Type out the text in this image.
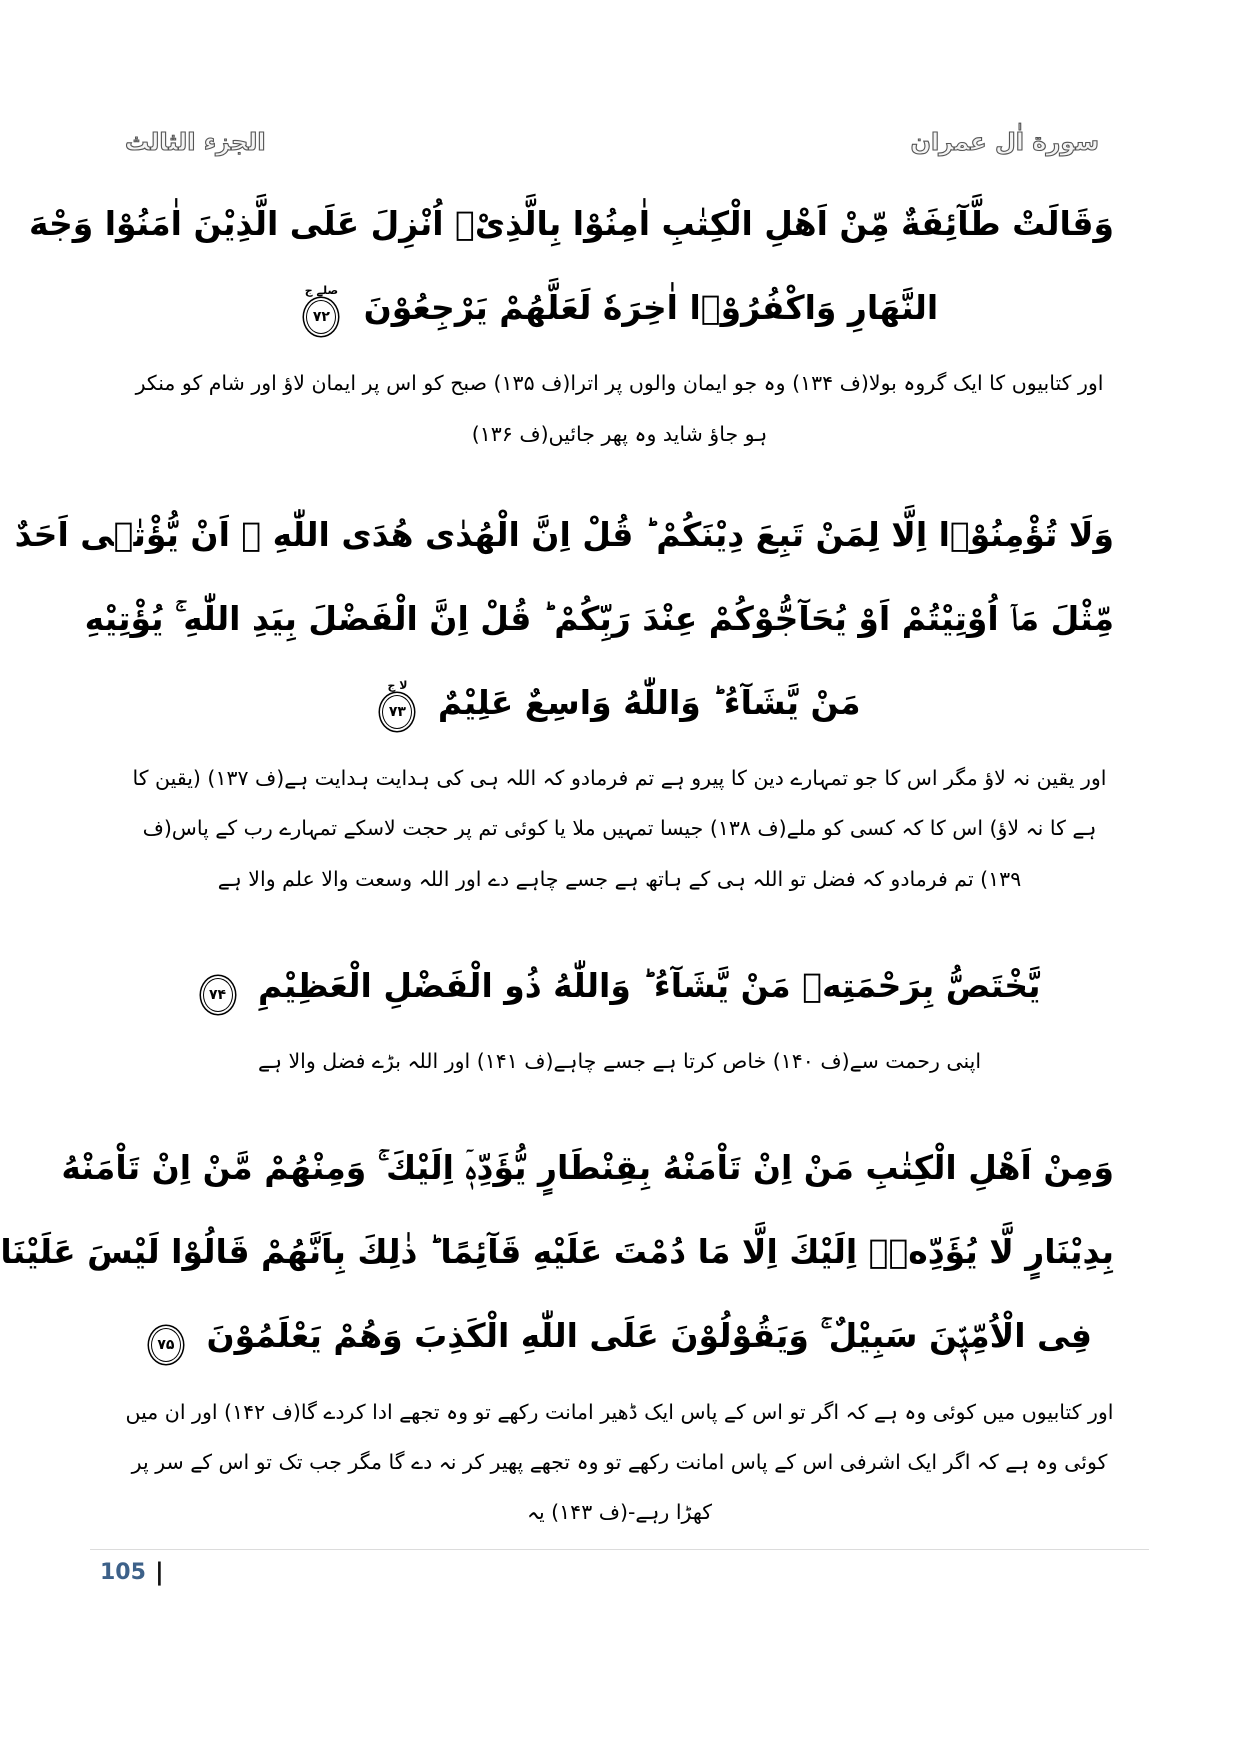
الجزء الثالث	سورة اٰل عمران
وَقَالَتْ طَّآئِفَةٌ مِّنْ اَهْلِ الْكِتٰبِ اٰمِنُوْا بِالَّذِیْۤ اُنْزِلَ عَلَی الَّذِیْنَ اٰمَنُوْا وَجْهَ
النَّهَارِ وَاكْفُرُوْۤا اٰخِرَهٗ لَعَلَّهُمْ یَرْجِعُوْنَ
صلے ج
۷۲
اور کتابیوں کا ایک گروہ بولا(ف ۱۳۴) وہ جو ایمان والوں پر اترا(ف ۱۳۵) صبح کو اس پر ایمان لاؤ اور شام کو منکر ہو جاؤ شاید وہ پھر جائیں(ف ۱۳۶)
وَلَا تُؤْمِنُوْۤا اِلَّا لِمَنْ تَبِعَ دِیْنَكُمْ ؕ قُلْ اِنَّ الْهُدٰی هُدَی اللّٰهِ ۙ اَنْ یُّؤْتٰۤی اَحَدٌ
مِّثْلَ مَاۤ اُوْتِیْتُمْ اَوْ یُحَآجُّوْكُمْ عِنْدَ رَبِّكُمْ ؕ قُلْ اِنَّ الْفَضْلَ بِیَدِ اللّٰهِ ۚ یُؤْتِیْهِ
مَنْ یَّشَآءُ ؕ وَاللّٰهُ وَاسِعٌ عَلِیْمٌ
لا ج
۷۳
اور یقین نہ لاؤ مگر اس کا جو تمہارے دین کا پیرو ہے تم فرمادو کہ اللہ ہی کی ہدایت ہدایت ہے(ف ۱۳۷) (یقین کا ہے کا نہ لاؤ) اس کا کہ کسی کو ملے(ف ۱۳۸) جیسا تمہیں ملا یا کوئی تم پر حجت لاسکے تمہارے رب کے پاس(ف ۱۳۹) تم فرمادو کہ فضل تو اللہ ہی کے ہاتھ ہے جسے چاہے دے اور اللہ وسعت والا علم والا ہے
یَّخْتَصُّ بِرَحْمَتِهٖ مَنْ یَّشَآءُ ؕ وَاللّٰهُ ذُو الْفَضْلِ الْعَظِیْمِ
۷۴
اپنی رحمت سے(ف ۱۴۰) خاص کرتا ہے جسے چاہے(ف ۱۴۱) اور اللہ بڑے فضل والا ہے
وَمِنْ اَهْلِ الْكِتٰبِ مَنْ اِنْ تَاْمَنْهُ بِقِنْطَارٍ یُّؤَدِّهٖۤ اِلَیْكَ ۚ وَمِنْهُمْ مَّنْ اِنْ تَاْمَنْهُ
بِدِیْنَارٍ لَّا یُؤَدِّهٖۤ اِلَیْكَ اِلَّا مَا دُمْتَ عَلَیْهِ قَآئِمًا ؕ ذٰلِكَ بِاَنَّهُمْ قَالُوْا لَیْسَ عَلَیْنَا
فِی الْاُمِّیّٖنَ سَبِیْلٌ ۚ وَیَقُوْلُوْنَ عَلَی اللّٰهِ الْكَذِبَ وَهُمْ یَعْلَمُوْنَ
۷۵
اور کتابیوں میں کوئی وہ ہے کہ اگر تو اس کے پاس ایک ڈھیر امانت رکھے تو وہ تجھے ادا کردے گا(ف ۱۴۲) اور ان میں کوئی وہ ہے کہ اگر ایک اشرفی اس کے پاس امانت رکھے تو وہ تجھے پھیر کر نہ دے گا مگر جب تک تو اس کے سر پر کھڑا رہے-(ف ۱۴۳) یہ
105 |
